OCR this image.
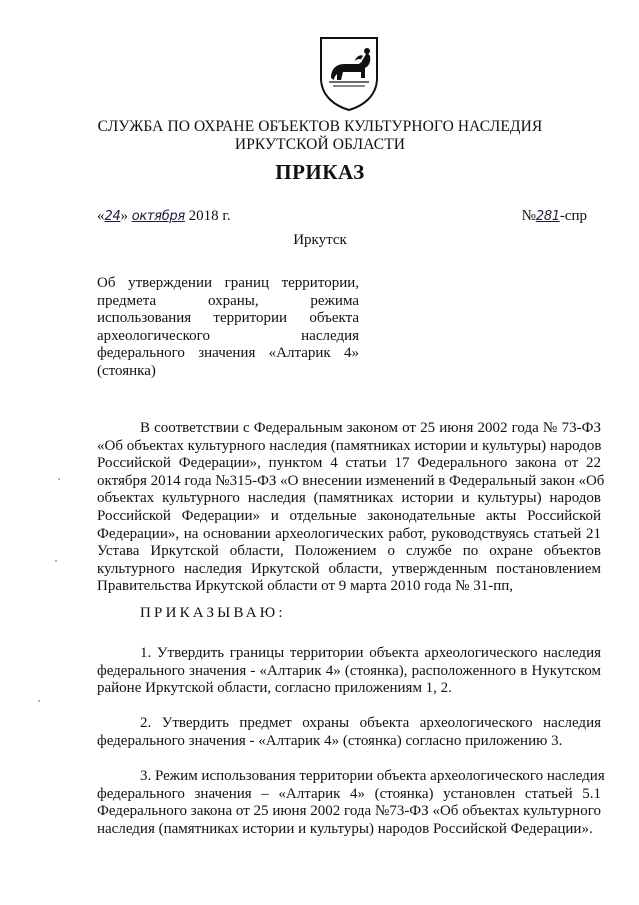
СЛУЖБА ПО ОХРАНЕ ОБЪЕКТОВ КУЛЬТУРНОГО НАСЛЕДИЯ
ИРКУТСКОЙ ОБЛАСТИ
ПРИКАЗ
«24» октября 2018 г.	№281-спр
Иркутск
Об утверждении границ территории,
предмета охраны, режима
использования территории объекта
археологического наследия
федерального значения «Алтарик 4»
(стоянка)
В соответствии с Федеральным законом от 25 июня 2002 года № 73-ФЗ
«Об объектах культурного наследия (памятниках истории и культуры) народов
Российской Федерации», пунктом 4 статьи 17 Федерального закона от 22
октября 2014 года №315-ФЗ «О внесении изменений в Федеральный закон «Об
объектах культурного наследия (памятниках истории и культуры) народов
Российской Федерации» и отдельные законодательные акты Российской
Федерации», на основании археологических работ, руководствуясь статьей 21
Устава Иркутской области, Положением о службе по охране объектов
культурного наследия Иркутской области, утвержденным постановлением
Правительства Иркутской области от 9 марта 2010 года № 31-пп,
ПРИКАЗЫВАЮ:
1. Утвердить границы территории объекта археологического наследия
федерального значения - «Алтарик 4» (стоянка), расположенного в Нукутском
районе Иркутской области, согласно приложениям 1, 2.
2. Утвердить предмет охраны объекта археологического наследия
федерального значения - «Алтарик 4» (стоянка) согласно приложению 3.
3. Режим использования территории объекта археологического наследия
федерального значения – «Алтарик 4» (стоянка) установлен статьей 5.1
Федерального закона от 25 июня 2002 года №73-ФЗ «Об объектах культурного
наследия (памятниках истории и культуры) народов Российской Федерации».
